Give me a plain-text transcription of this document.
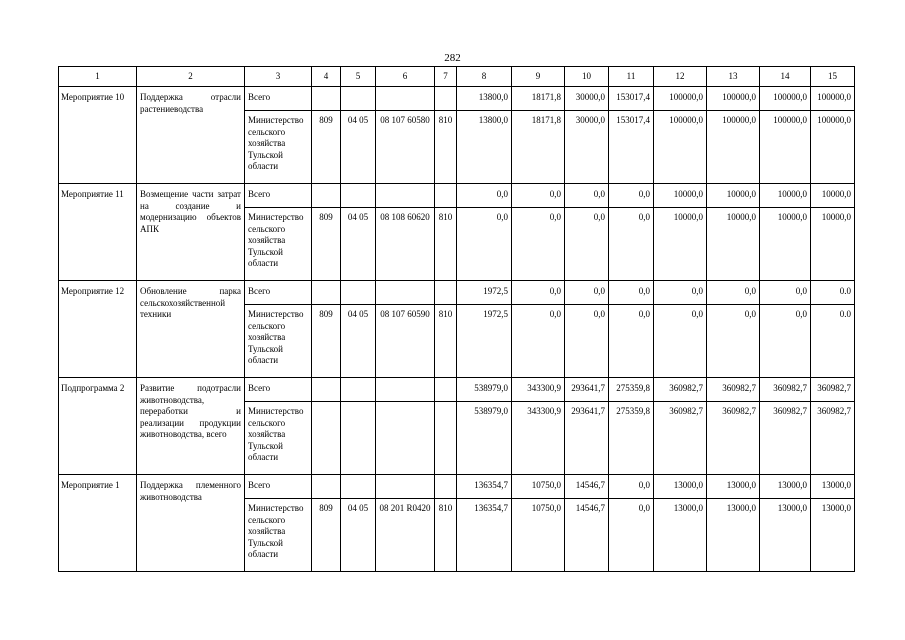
282
1	2	3	4	5	6	7	8	9	10	11	12	13	14	15
Мероприятие 10	Поддержка отрасли растениеводства	Всего					13800,0	18171,8	30000,0	153017,4	100000,0	100000,0	100000,0	100000,0
		Министерство сельского хозяйства Тульской области	809	04 05	08 107 60580	810	13800,0	18171,8	30000,0	153017,4	100000,0	100000,0	100000,0	100000,0
Мероприятие 11	Возмещение части затрат на создание и модернизацию объектов АПК	Всего					0,0	0,0	0,0	0,0	10000,0	10000,0	10000,0	10000,0
		Министерство сельского хозяйства Тульской области	809	04 05	08 108 60620	810	0,0	0,0	0,0	0,0	10000,0	10000,0	10000,0	10000,0
Мероприятие 12	Обновление парка сельскохозяйственной техники	Всего					1972,5	0,0	0,0	0,0	0,0	0,0	0,0	0.0
		Министерство сельского хозяйства Тульской области	809	04 05	08 107 60590	810	1972,5	0,0	0,0	0,0	0,0	0,0	0,0	0.0
Подпрограмма 2	Развитие подотрасли животноводства, переработки и реализации продукции животноводства, всего	Всего					538979,0	343300,9	293641,7	275359,8	360982,7	360982,7	360982,7	360982,7
		Министерство сельского хозяйства Тульской области					538979,0	343300,9	293641,7	275359,8	360982,7	360982,7	360982,7	360982,7
Мероприятие 1	Поддержка племенного животноводства	Всего					136354,7	10750,0	14546,7	0,0	13000,0	13000,0	13000,0	13000,0
		Министерство сельского хозяйства Тульской области	809	04 05	08 201 R0420	810	136354,7	10750,0	14546,7	0,0	13000,0	13000,0	13000,0	13000,0
